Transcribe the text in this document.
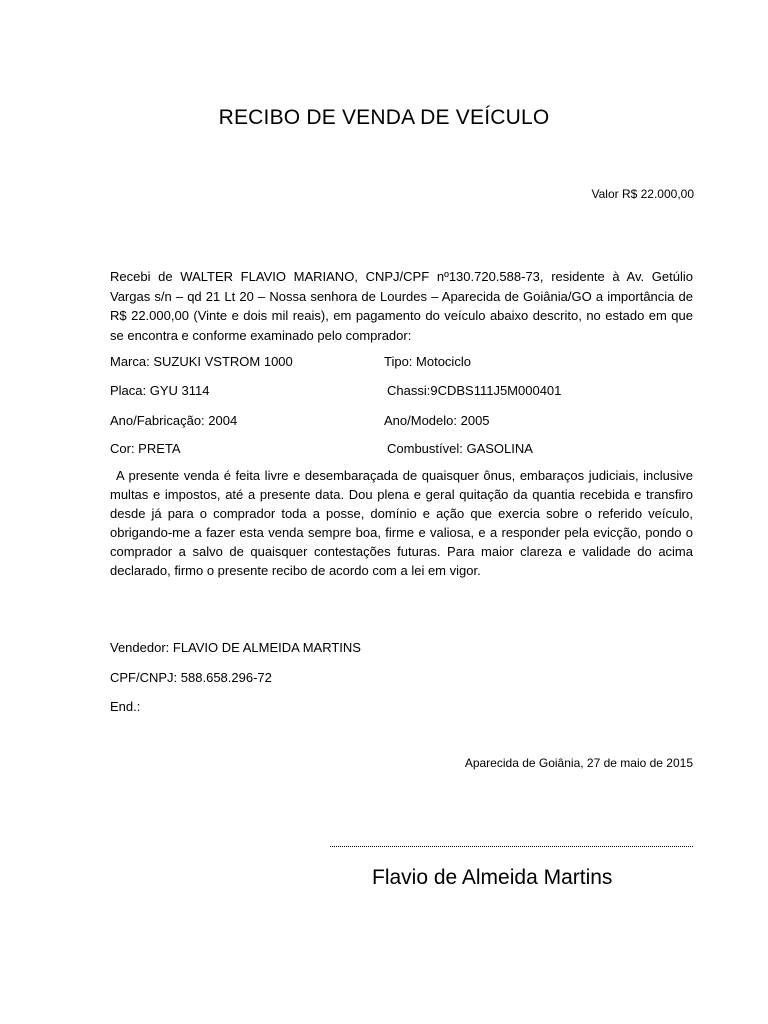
RECIBO DE VENDA DE VEÍCULO
Valor R$ 22.000,00
Recebi de WALTER FLAVIO MARIANO, CNPJ/CPF nº130.720.588-73, residente à Av. Getúlio Vargas s/n – qd 21 Lt 20 – Nossa senhora de Lourdes – Aparecida de Goiânia/GO a importância de R$ 22.000,00 (Vinte e dois mil reais), em pagamento do veículo abaixo descrito, no estado em que se encontra e conforme examinado pelo comprador:
Marca: SUZUKI VSTROM 1000	Tipo: Motociclo
Placa: GYU 3114	Chassi:9CDBS111J5M000401
Ano/Fabricação: 2004	Ano/Modelo: 2005
Cor: PRETA	Combustível: GASOLINA
A presente venda é feita livre e desembaraçada de quaisquer ônus, embaraços judiciais, inclusive multas e impostos, até a presente data. Dou plena e geral quitação da quantia recebida e transfiro desde já para o comprador toda a posse, domínio e ação que exercia sobre o referido veículo, obrigando-me a fazer esta venda sempre boa, firme e valiosa, e a responder pela evicção, pondo o comprador a salvo de quaisquer contestações futuras. Para maior clareza e validade do acima declarado, firmo o presente recibo de acordo com a lei em vigor.
Vendedor: FLAVIO DE ALMEIDA MARTINS
CPF/CNPJ: 588.658.296-72
End.:
Aparecida de Goiânia, 27 de maio de 2015
Flavio de Almeida Martins
